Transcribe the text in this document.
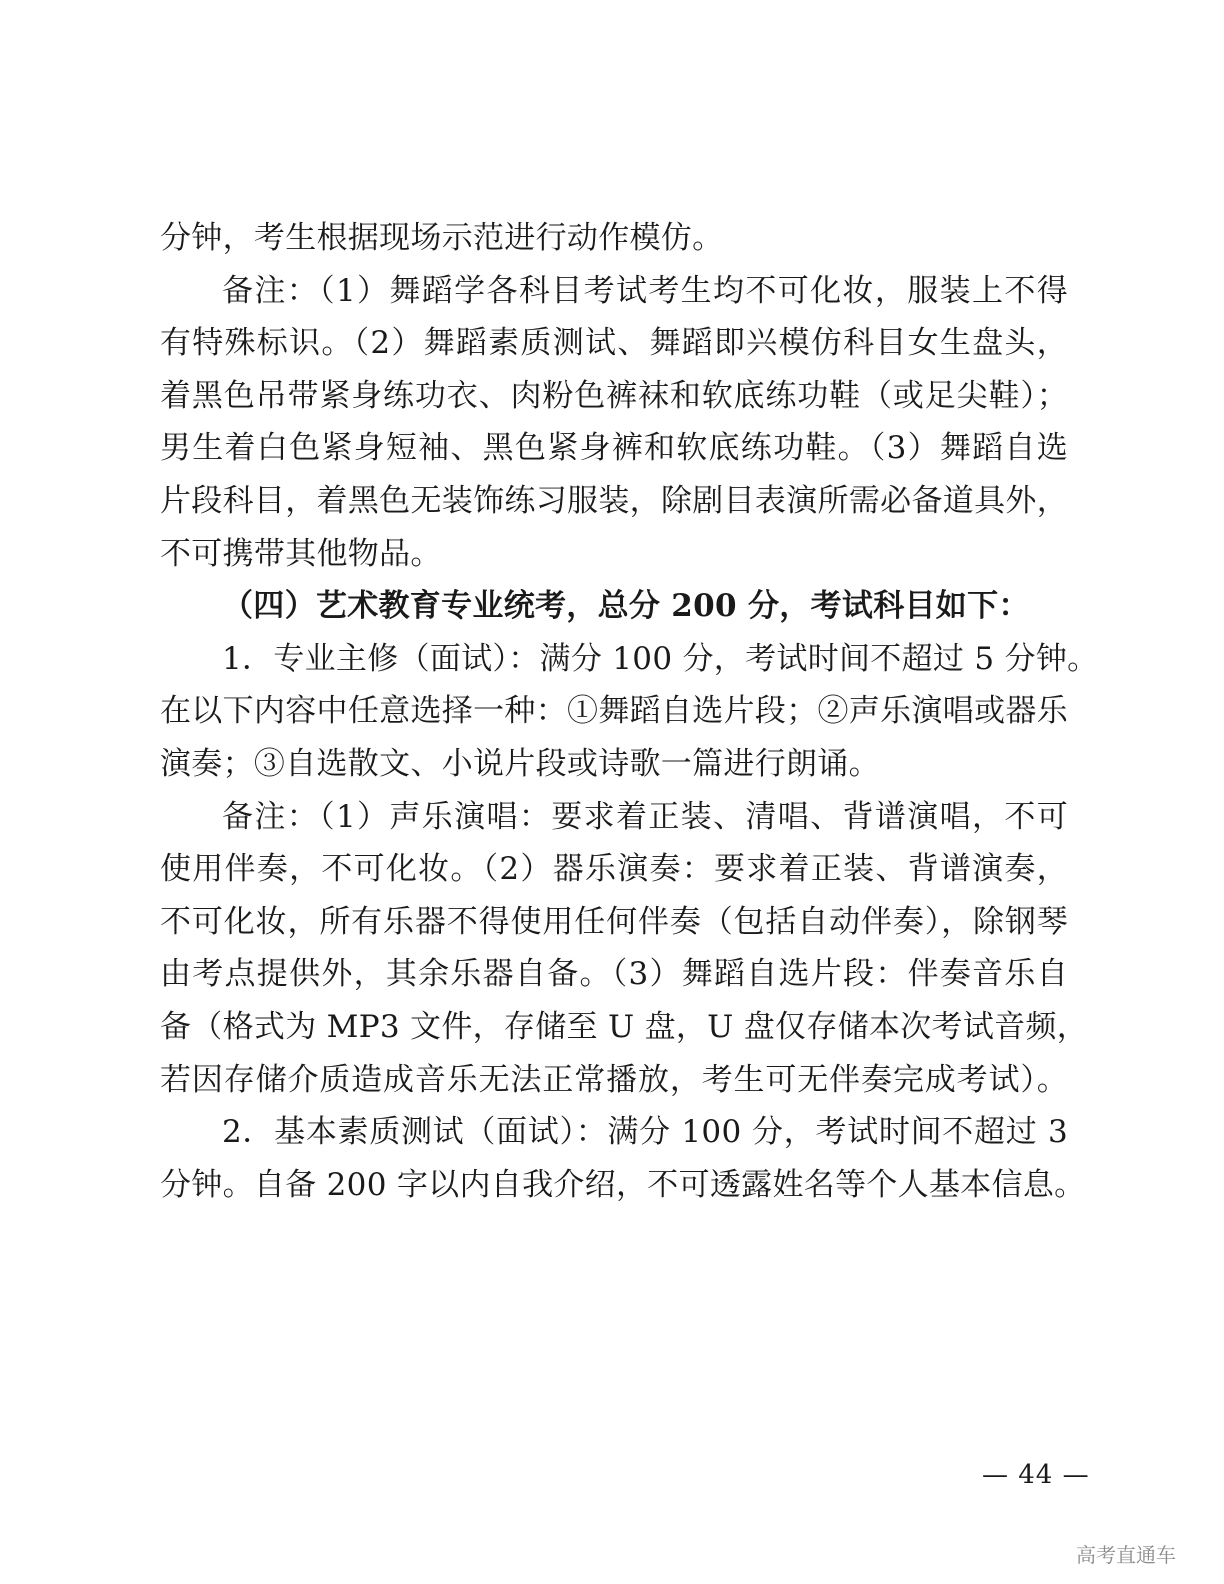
分钟，考生根据现场示范进行动作模仿。
备注：（1）舞蹈学各科目考试考生均不可化妆，服装上不得
有特殊标识。（2）舞蹈素质测试、舞蹈即兴模仿科目女生盘头，
着黑色吊带紧身练功衣、肉粉色裤袜和软底练功鞋（或足尖鞋）；
男生着白色紧身短袖、黑色紧身裤和软底练功鞋。（3）舞蹈自选
片段科目，着黑色无装饰练习服装，除剧目表演所需必备道具外，
不可携带其他物品。
（四）艺术教育专业统考，总分 200 分，考试科目如下：
1．专业主修（面试）：满分 100 分，考试时间不超过 5 分钟。
在以下内容中任意选择一种：①舞蹈自选片段；②声乐演唱或器乐
演奏；③自选散文、小说片段或诗歌一篇进行朗诵。
备注：（1）声乐演唱：要求着正装、清唱、背谱演唱，不可
使用伴奏，不可化妆。（2）器乐演奏：要求着正装、背谱演奏，
不可化妆，所有乐器不得使用任何伴奏（包括自动伴奏），除钢琴
由考点提供外，其余乐器自备。（3）舞蹈自选片段：伴奏音乐自
备（格式为 MP3 文件，存储至 U 盘，U 盘仅存储本次考试音频，
若因存储介质造成音乐无法正常播放，考生可无伴奏完成考试）。
2．基本素质测试（面试）：满分 100 分，考试时间不超过 3
分钟。自备 200 字以内自我介绍，不可透露姓名等个人基本信息。
— 44 —
高考直通车
